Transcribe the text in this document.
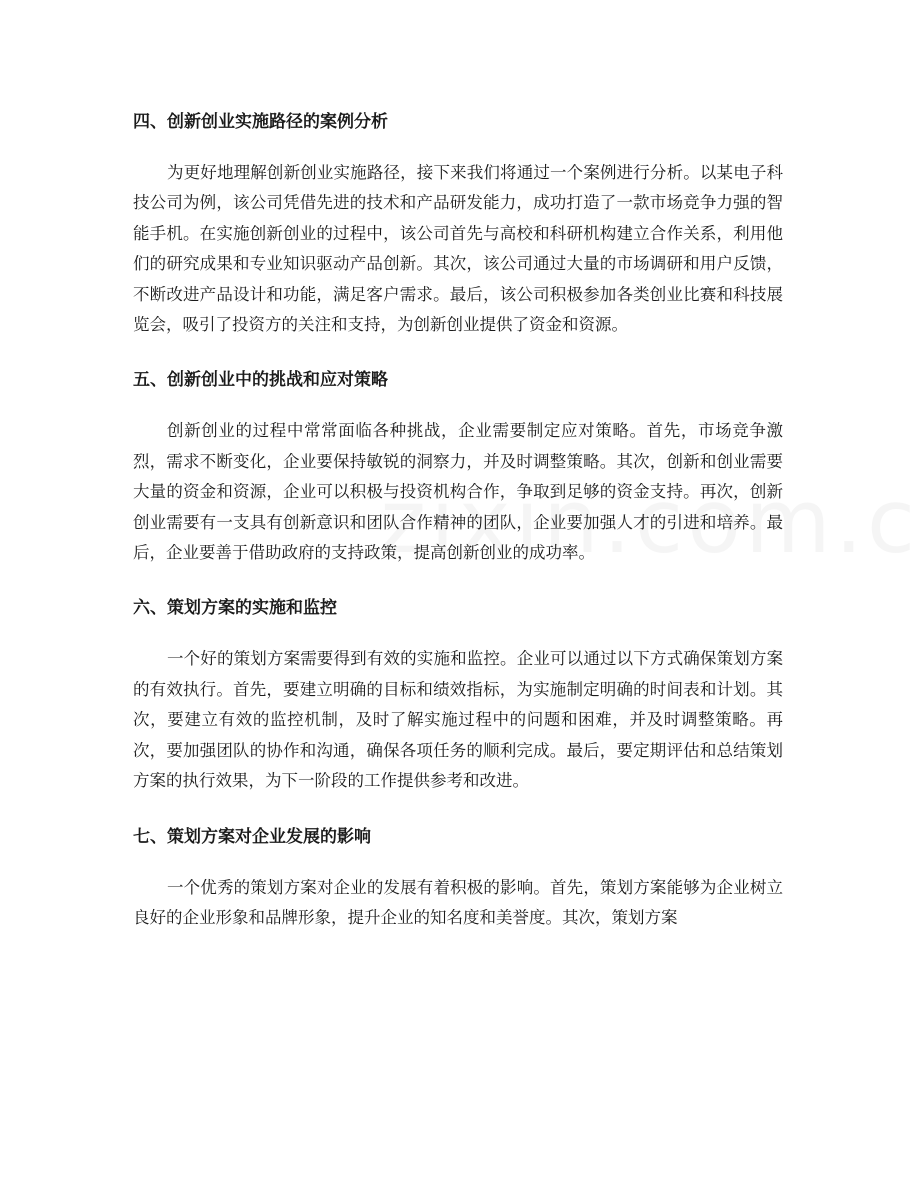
四、创新创业实施路径的案例分析

为更好地理解创新创业实施路径，接下来我们将通过一个案例进行分析。以某电子科技公司为例，该公司凭借先进的技术和产品研发能力，成功打造了一款市场竞争力强的智能手机。在实施创新创业的过程中，该公司首先与高校和科研机构建立合作关系，利用他们的研究成果和专业知识驱动产品创新。其次，该公司通过大量的市场调研和用户反馈，不断改进产品设计和功能，满足客户需求。最后，该公司积极参加各类创业比赛和科技展览会，吸引了投资方的关注和支持，为创新创业提供了资金和资源。

五、创新创业中的挑战和应对策略

创新创业的过程中常常面临各种挑战，企业需要制定应对策略。首先，市场竞争激烈，需求不断变化，企业要保持敏锐的洞察力，并及时调整策略。其次，创新和创业需要大量的资金和资源，企业可以积极与投资机构合作，争取到足够的资金支持。再次，创新创业需要有一支具有创新意识和团队合作精神的团队，企业要加强人才的引进和培养。最后，企业要善于借助政府的支持政策，提高创新创业的成功率。

六、策划方案的实施和监控

一个好的策划方案需要得到有效的实施和监控。企业可以通过以下方式确保策划方案的有效执行。首先，要建立明确的目标和绩效指标，为实施制定明确的时间表和计划。其次，要建立有效的监控机制，及时了解实施过程中的问题和困难，并及时调整策略。再次，要加强团队的协作和沟通，确保各项任务的顺利完成。最后，要定期评估和总结策划方案的执行效果，为下一阶段的工作提供参考和改进。

七、策划方案对企业发展的影响

一个优秀的策划方案对企业的发展有着积极的影响。首先，策划方案能够为企业树立良好的企业形象和品牌形象，提升企业的知名度和美誉度。其次，策划方案
